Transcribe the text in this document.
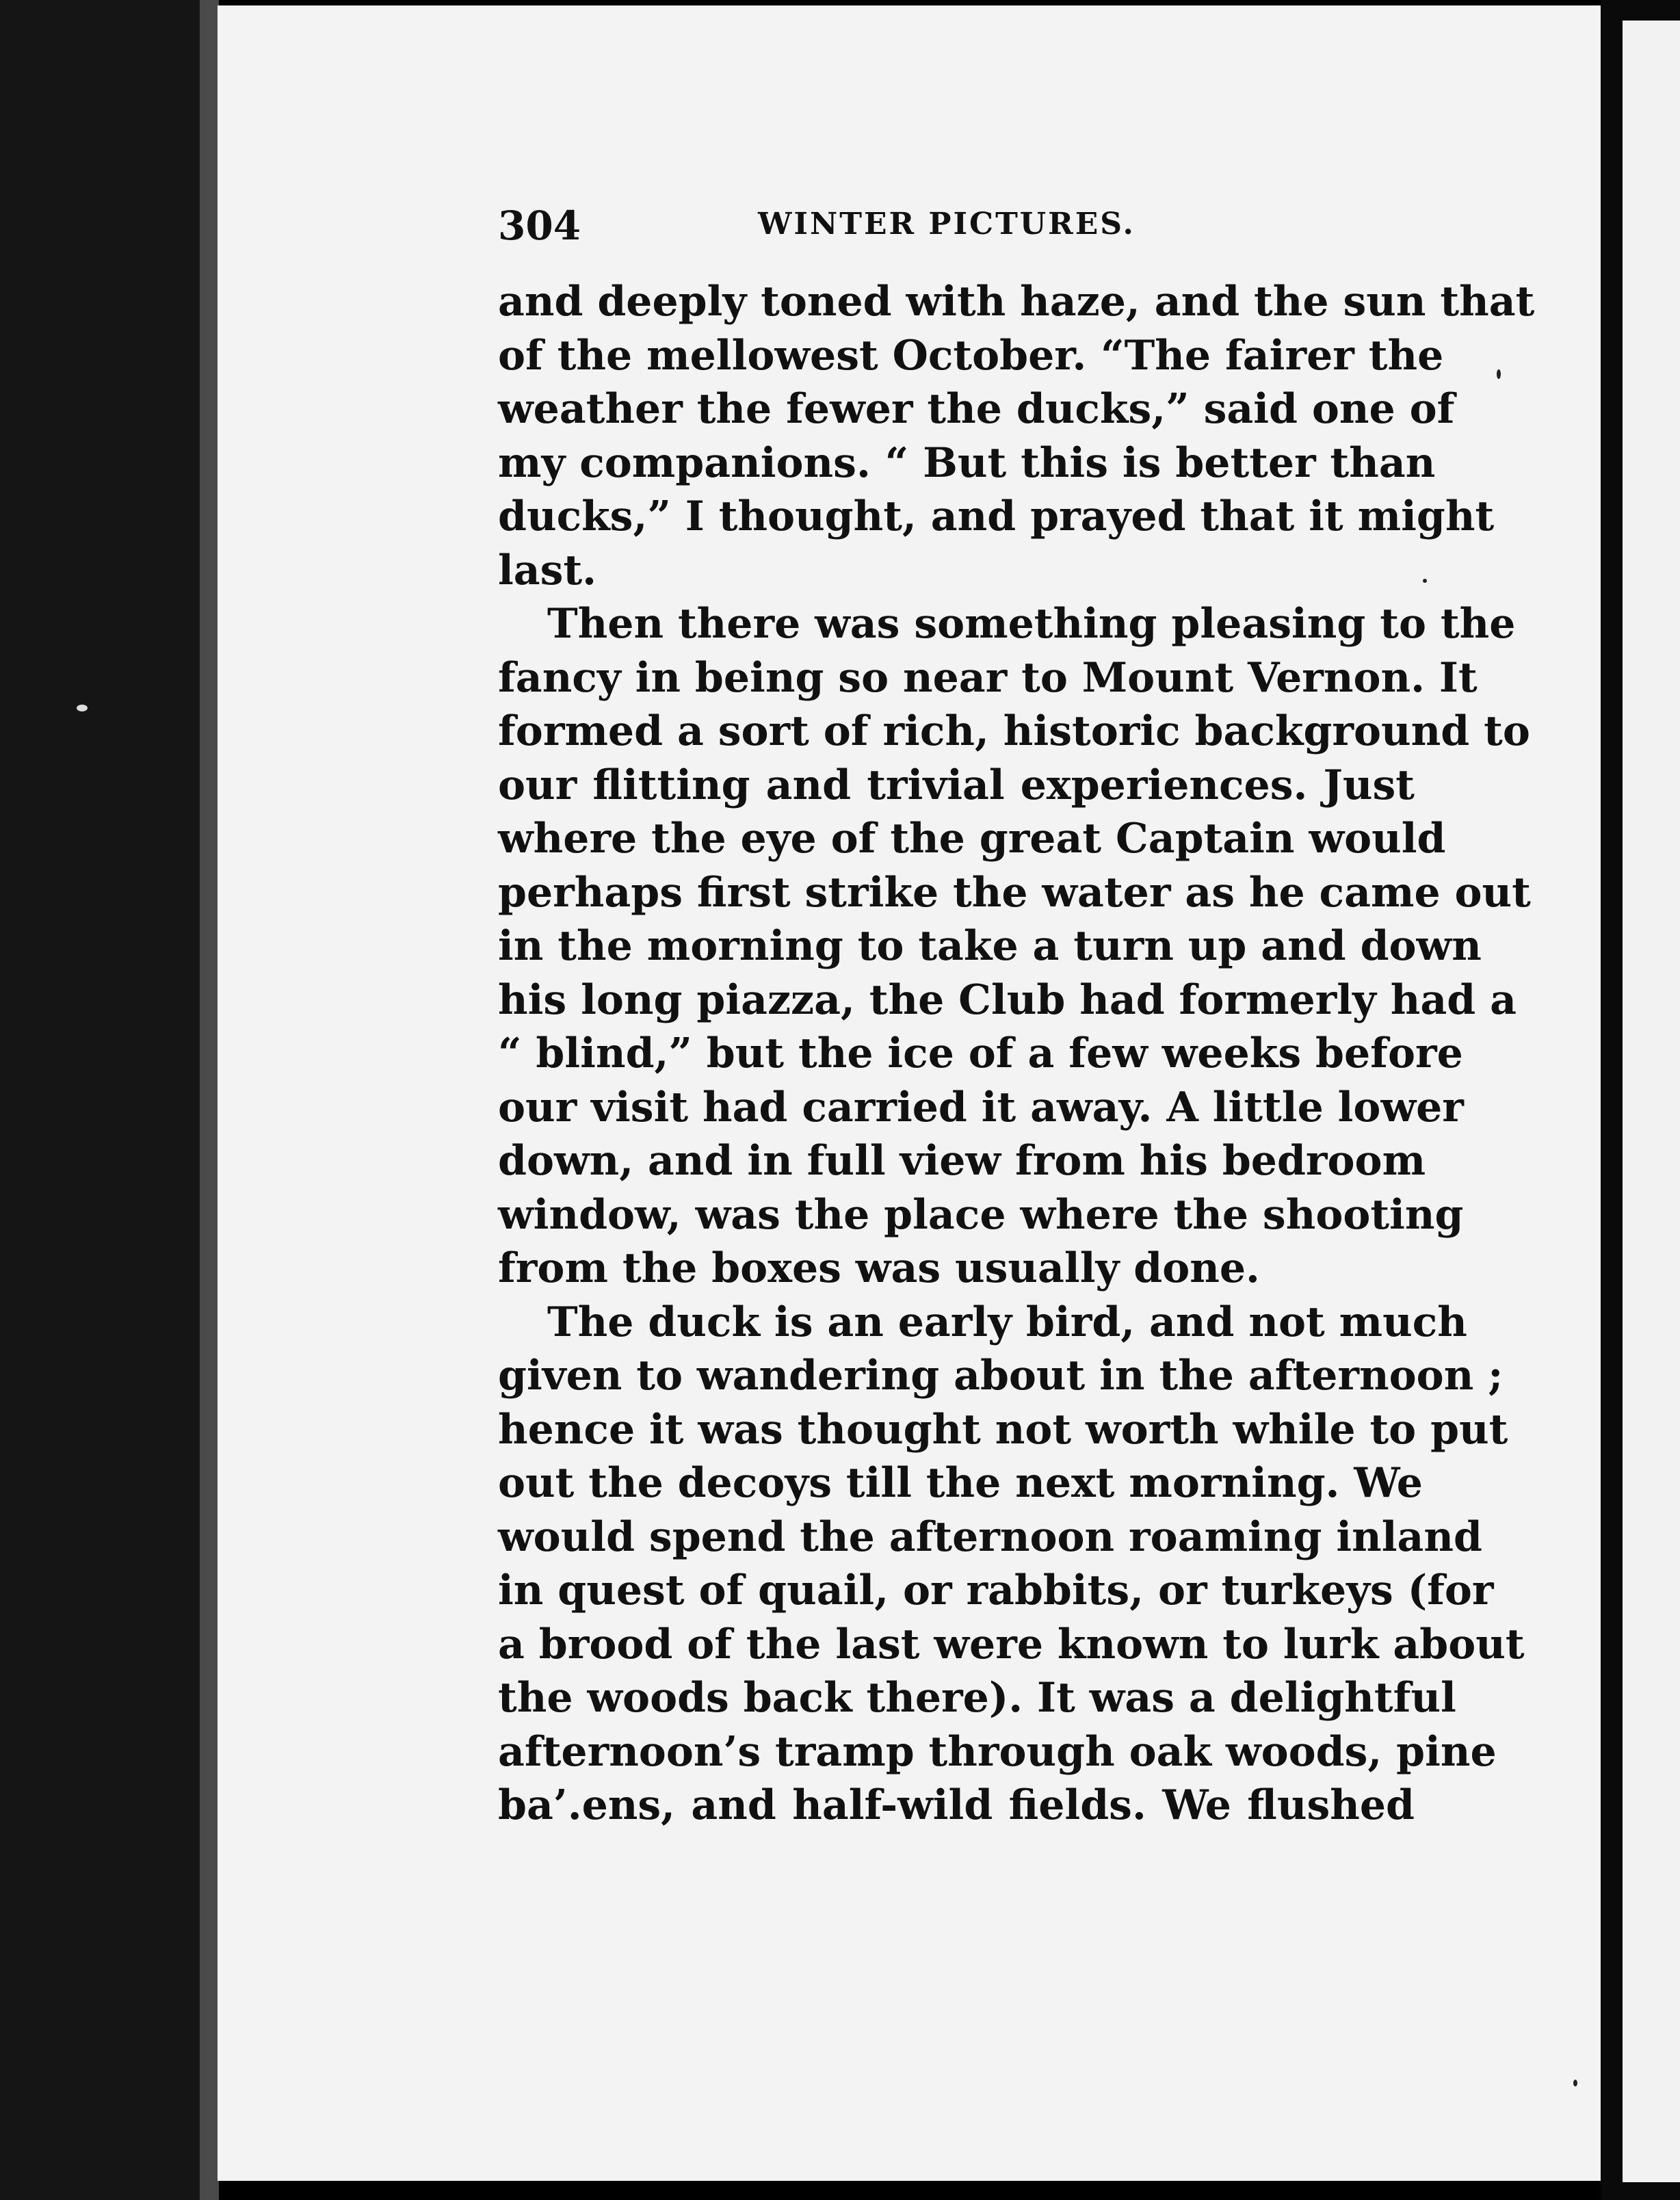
304	WINTER PICTURES.
and deeply toned with haze, and the sun that
of the mellowest October. “The fairer the
weather the fewer the ducks,” said one of
my companions. “ But this is better than
ducks,” I thought, and prayed that it might
last.
Then there was something pleasing to the
fancy in being so near to Mount Vernon. It
formed a sort of rich, historic background to
our flitting and trivial experiences. Just
where the eye of the great Captain would
perhaps first strike the water as he came out
in the morning to take a turn up and down
his long piazza, the Club had formerly had a
“ blind,” but the ice of a few weeks before
our visit had carried it away. A little lower
down, and in full view from his bedroom
window, was the place where the shooting
from the boxes was usually done.
The duck is an early bird, and not much
given to wandering about in the afternoon ;
hence it was thought not worth while to put
out the decoys till the next morning. We
would spend the afternoon roaming inland
in quest of quail, or rabbits, or turkeys (for
a brood of the last were known to lurk about
the woods back there). It was a delightful
afternoon’s tramp through oak woods, pine
ba’.ens, and half-wild fields. We flushed
